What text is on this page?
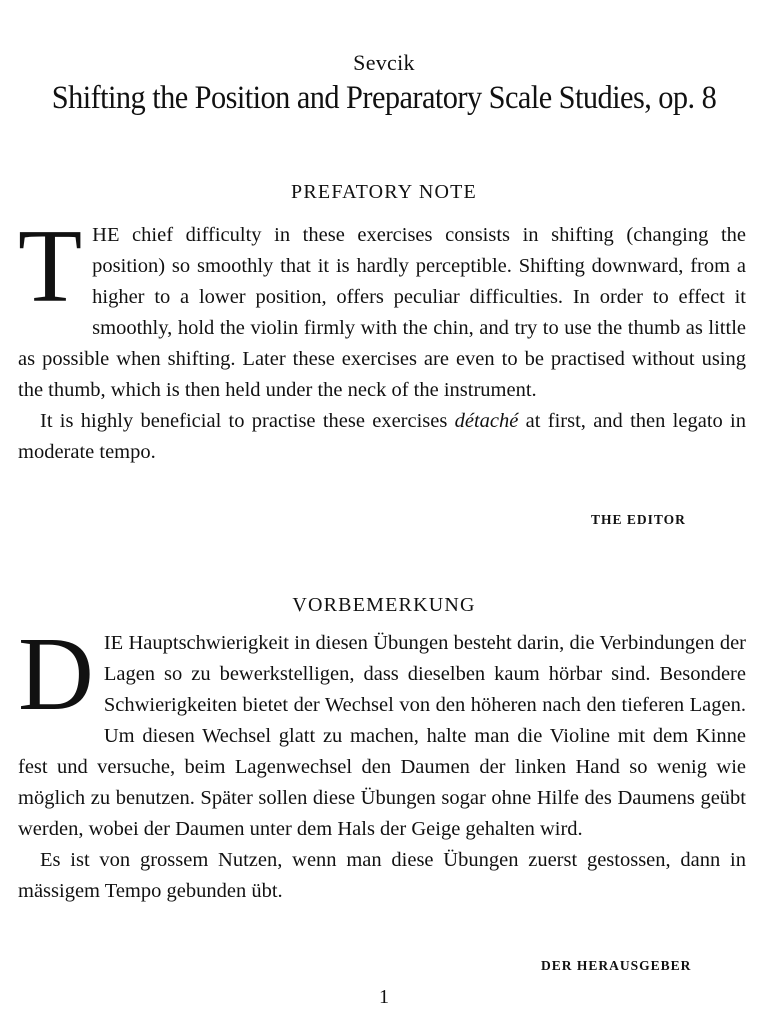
Sevcik
Shifting the Position and Preparatory Scale Studies, op. 8
PREFATORY NOTE

THE chief difficulty in these exercises consists in shifting (changing the position) so smoothly that it is hardly perceptible. Shifting downward, from a higher to a lower position, offers peculiar difficulties. In order to effect it smoothly, hold the violin firmly with the chin, and try to use the thumb as little as possible when shifting. Later these exercises are even to be practised without using the thumb, which is then held under the neck of the instrument.

It is highly beneficial to practise these exercises détaché at first, and then legato in moderate tempo.

THE EDITOR
VORBEMERKUNG

DIE Hauptschwierigkeit in diesen Übungen besteht darin, die Verbindungen der Lagen so zu bewerkstelligen, dass dieselben kaum hörbar sind. Besondere Schwierigkeiten bietet der Wechsel von den höheren nach den tieferen Lagen. Um diesen Wechsel glatt zu machen, halte man die Violine mit dem Kinne fest und versuche, beim Lagenwechsel den Daumen der linken Hand so wenig wie möglich zu benutzen. Später sollen diese Übungen sogar ohne Hilfe des Daumens geübt werden, wobei der Daumen unter dem Hals der Geige gehalten wird.

Es ist von grossem Nutzen, wenn man diese Übungen zuerst gestossen, dann in mässigem Tempo gebunden übt.

DER HERAUSGEBER
1
